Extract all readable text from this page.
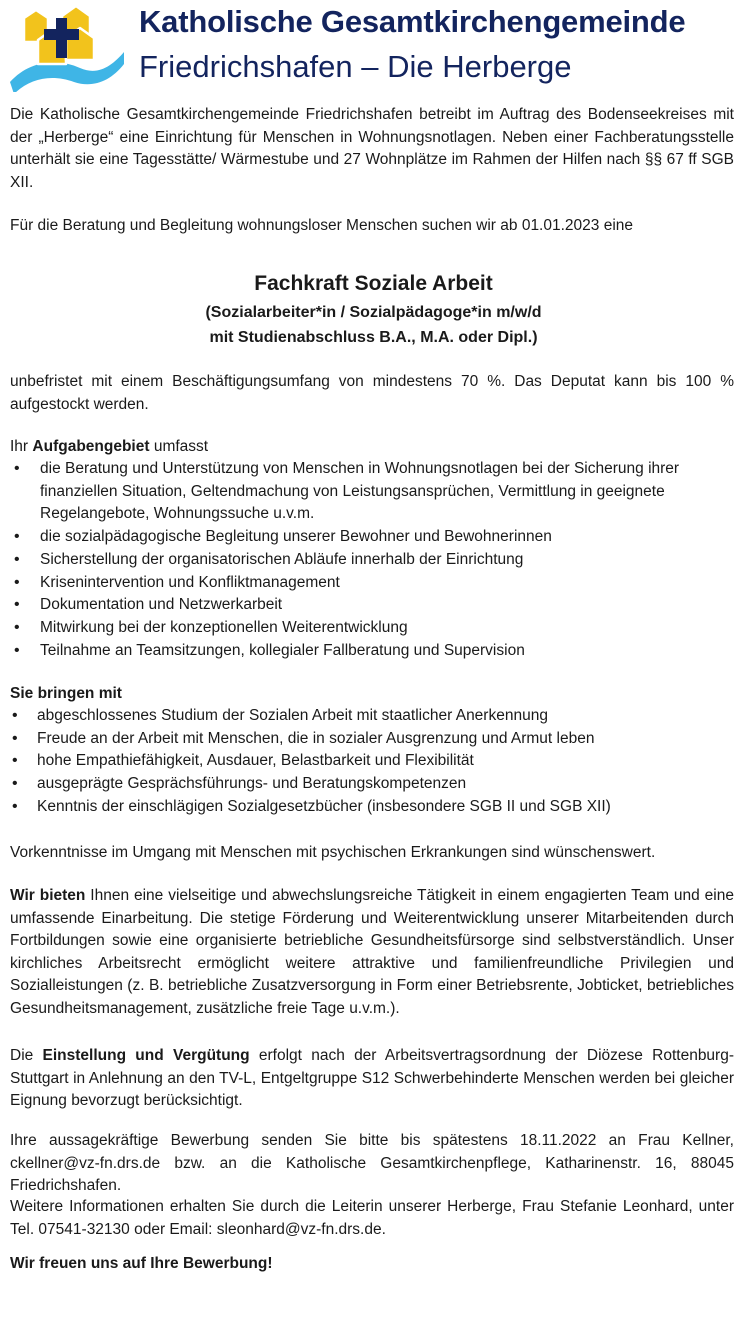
Katholische Gesamtkirchengemeinde
Friedrichshafen – Die Herberge

Die Katholische Gesamtkirchengemeinde Friedrichshafen betreibt im Auftrag des Bodenseekreises mit der „Herberge“ eine Einrichtung für Menschen in Wohnungsnotlagen. Neben einer Fachberatungsstelle unterhält sie eine Tagesstätte/ Wärmestube und 27 Wohnplätze im Rahmen der Hilfen nach §§ 67 ff SGB XII.

Für die Beratung und Begleitung wohnungsloser Menschen suchen wir ab 01.01.2023 eine

Fachkraft Soziale Arbeit
(Sozialarbeiter*in / Sozialpädagoge*in m/w/d
mit Studienabschluss B.A., M.A. oder Dipl.)

unbefristet mit einem Beschäftigungsumfang von mindestens 70 %. Das Deputat kann bis 100 % aufgestockt werden.

Ihr Aufgabengebiet umfasst

• die Beratung und Unterstützung von Menschen in Wohnungsnotlagen bei der Sicherung ihrer finanziellen Situation, Geltendmachung von Leistungsansprüchen, Vermittlung in geeignete Regelangebote, Wohnungssuche u.v.m.
• die sozialpädagogische Begleitung unserer Bewohner und Bewohnerinnen
• Sicherstellung der organisatorischen Abläufe innerhalb der Einrichtung
• Krisenintervention und Konfliktmanagement
• Dokumentation und Netzwerkarbeit
• Mitwirkung bei der konzeptionellen Weiterentwicklung
• Teilnahme an Teamsitzungen, kollegialer Fallberatung und Supervision

Sie bringen mit

• abgeschlossenes Studium der Sozialen Arbeit mit staatlicher Anerkennung
• Freude an der Arbeit mit Menschen, die in sozialer Ausgrenzung und Armut leben
• hohe Empathiefähigkeit, Ausdauer, Belastbarkeit und Flexibilität
• ausgeprägte Gesprächsführungs- und Beratungskompetenzen
• Kenntnis der einschlägigen Sozialgesetzbücher (insbesondere SGB II und SGB XII)

Vorkenntnisse im Umgang mit Menschen mit psychischen Erkrankungen sind wünschenswert.

Wir bieten Ihnen eine vielseitige und abwechslungsreiche Tätigkeit in einem engagierten Team und eine umfassende Einarbeitung. Die stetige Förderung und Weiterentwicklung unserer Mitarbeitenden durch Fortbildungen sowie eine organisierte betriebliche Gesundheitsfürsorge sind selbstverständlich. Unser kirchliches Arbeitsrecht ermöglicht weitere attraktive und familienfreundliche Privilegien und Sozialleistungen (z. B. betriebliche Zusatzversorgung in Form einer Betriebsrente, Jobticket, betriebliches Gesundheitsmanagement, zusätzliche freie Tage u.v.m.).

Die Einstellung und Vergütung erfolgt nach der Arbeitsvertragsordnung der Diözese Rottenburg-Stuttgart in Anlehnung an den TV-L, Entgeltgruppe S12 Schwerbehinderte Menschen werden bei gleicher Eignung bevorzugt berücksichtigt.

Ihre aussagekräftige Bewerbung senden Sie bitte bis spätestens 18.11.2022 an Frau Kellner, ckellner@vz-fn.drs.de bzw. an die Katholische Gesamtkirchenpflege, Katharinenstr. 16, 88045 Friedrichshafen.

Weitere Informationen erhalten Sie durch die Leiterin unserer Herberge, Frau Stefanie Leonhard, unter Tel. 07541-32130 oder Email: sleonhard@vz-fn.drs.de.

Wir freuen uns auf Ihre Bewerbung!
